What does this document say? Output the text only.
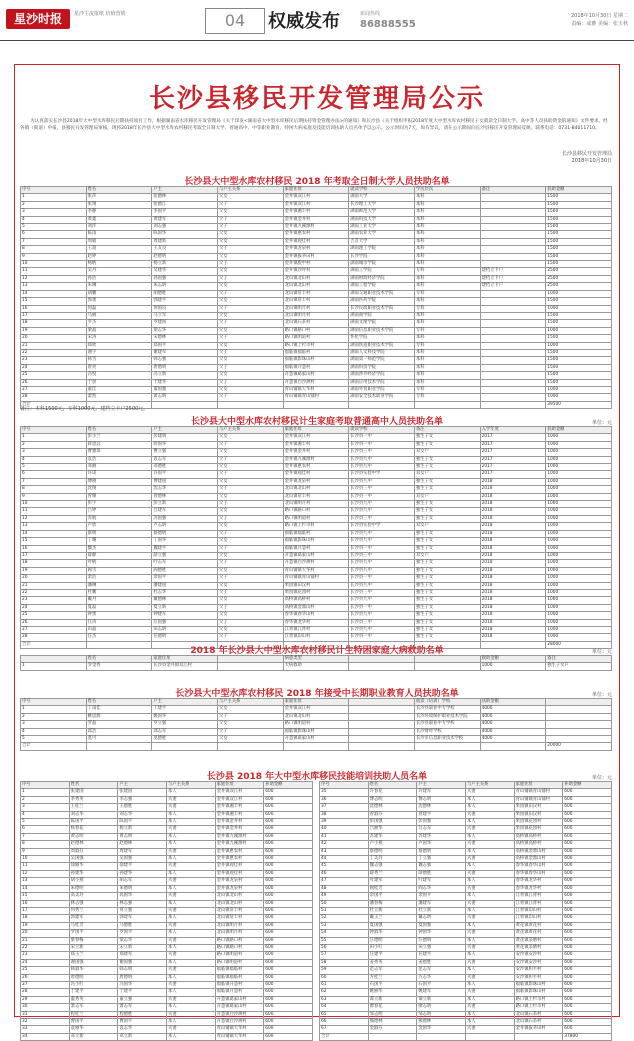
星沙时报	星沙主流报纸 价值营销	04	权威发布	新闻热线
86888555
2018年10月30日 星期二
责编：成雅 美编：张玉秋
长沙县移民开发管理局公示
为认真落实长沙县2018年大中型水库移民后期扶持项目工作，根据湖南省水库移民开发管理局《关于印发<湖南省大中型水库移民后期扶持资金管理办法>的通知》和长沙县《关于组织申报2018年度大中型水库农村移民子女就读全日制大学、高中等人员扶助资金的通知》文件要求，经各镇（街道）申报、县移民开发管理局审核，现将2018年长沙县大中型水库农村移民考取全日制大学、普通高中、中等职业教育、特困大病家庭及技能培训扶助人员名单予以公示。公示时间为7天，如有异议，请在公示期间向长沙县移民开发管理局反映。联系电话：0731-84011710。
长沙县移民开发管理局
2018年10月30日
长沙县大中型水库农村移民 2018 年考取全日制大学人员扶助名单
序号	姓名	户主	与户主关系	家庭住址	就读学校	学历层次	备注	扶助金额
1	张萍	张德林	父女	金井镇双江村	湖南大学	本科		1500
2	张翔	张德江	父子	金井镇双江村	长沙理工大学	本科		1500
3	李静	李国平	父女	金井镇湘丰村	湖南师范大学	本科		1500
4	黄鑫	黄建军	父子	金井镇金井村	湖南科技大学	本科		1500
5	刘洋	刘志强	父子	金井镇九溪源村	湖南工业大学	本科		1500
6	陈雨	陈国华	父女	金井镇惠农村	湖南农业大学	本科		1500
7	周敏	周建新	父女	金井镇观佳村	吉首大学	本科		1500
8	王超	王友良	父子	金井镇龙泉村	湖南理工学院	本科		1500
9	赵婷	赵德明	父女	金井镇拔茅田村	长沙学院	本科		1500
10	杨帆	杨立新	父子	金井镇脱甲村	湖南城市学院	本科		1500
11	吴丹	吴建华	父女	金井镇沙坪村	湖南工学院	专科	建档立卡户	2500
12	孙浩	孙国强	父子	北山镇北山村	湖南财政经济学院	本科	建档立卡户	2500
13	朱琳	朱志明	父女	北山镇北山村	湖南工程学院	本科	建档立卡户	2500
14	胡鹏	胡德胜	父子	北山镇常丰村	湖南交通职业技术学院	专科		1000
15	郭蕾	郭建平	父女	北山镇常丰村	湖南医药学院	本科		1500
16	何磊	何国良	父子	北山镇明月村	长沙民政职业技术学院	专科		1000
17	马丽	马立军	父女	北山镇明月村	湖南商学院	本科		1500
18	罗杰	罗建国	父子	北山镇石茶村	湖南文理学院	本科		1500
19	梁晶	梁志华	父女	路口镇路口村	湖南信息职业技术学院	专科		1000
20	宋涛	宋德林	父子	路口镇明道村	怀化学院	本科		1500
21	郑欣	郑国平	父女	路口镇上杉市村	湖南铁道职业技术学院	专科		1000
22	谢宇	谢建军	父子	福临镇福临村	湖南人文科技学院	本科		1500
23	韩雪	韩志强	父女	福临镇影珠山村	湖南第一师范学院	本科		1500
24	唐亮	唐德明	父子	福临镇开慧村	湖南科技学院	本科		1500
25	冯悦	冯立新	父女	开慧镇葛家山村	湖南涉外经济学院	本科		1500
26	于晨	于建华	父子	开慧镇白沙洲村	湖南应用技术学院	本科		1500
27	董佳	董国强	父女	青山铺镇天华村	湖南外贸职业学院	专科		1000
28	萧凯	萧志明	父子	青山铺镇青山铺村	湖南安全技术职业学院	专科		1000
合计								39500
备注：本科1500元，专科1000元，建档立卡户2500元。
长沙县大中型水库农村移民计生家庭考取普通高中人员扶助名单	单位：元
序号	姓名	户主	与户主关系	家庭住址	就读学校	备注	入学年度	扶助金额
1	彭小兰	彭建明	父女	金井镇双江村	长沙县一中	独生子女	2017	1000
2	蒋思远	蒋国华	父子	金井镇湘丰村	长沙县一中	独生子女	2017	1000
3	曹雅琪	曹立强	父女	金井镇金井村	长沙县三中	双女户	2017	1000
4	袁浩	袁志军	父子	金井镇九溪源村	长沙县九中	独生子女	2017	1000
5	邓丽	邓德胜	父女	金井镇惠农村	长沙县九中	独生子女	2017	1000
6	许诺	许国平	父子	金井镇观佳村	长沙县实验中学	双女户	2017	1000
7	傅晓	傅建国	父女	金井镇龙泉村	长沙县九中	独生子女	2018	1000
8	沈俊	沈志华	父子	北山镇北山村	长沙县三中	独生子女	2018	1000
9	曾珊	曾德林	父女	北山镇常丰村	长沙县一中	双女户	2018	1000
10	彭宇	彭立新	父子	北山镇明月村	长沙县九中	独生子女	2018	1000
11	吕婷	吕建军	父女	路口镇路口村	长沙县九中	独生子女	2018	1000
12	苏航	苏国强	父子	路口镇明道村	长沙县三中	独生子女	2018	1000
13	卢欣	卢志明	父女	路口镇上杉市村	长沙县实验中学	双女户	2018	1000
14	蔡明	蔡德明	父子	福临镇福临村	长沙县九中	独生子女	2018	1000
15	丁璐	丁国华	父女	福临镇影珠山村	长沙县九中	独生子女	2018	1000
16	魏杰	魏建平	父子	福临镇开慧村	长沙县一中	独生子女	2018	1000
17	薛静	薛立强	父女	开慧镇葛家山村	长沙县三中	双女户	2018	1000
18	叶帆	叶志军	父子	开慧镇白沙洲村	长沙县九中	独生子女	2018	1000
19	阎雪	阎德胜	父女	青山铺镇天华村	长沙县九中	独生子女	2018	1000
20	余浩	余国平	父子	青山铺镇青山铺村	长沙县一中	独生子女	2018	1000
21	潘琳	潘建国	父女	果园镇田汉村	长沙县九中	独生子女	2018	1000
22	杜鹏	杜志华	父子	果园镇花园村	长沙县三中	独生子女	2018	1000
23	戴丹	戴德林	父女	高桥镇高桥村	长沙县九中	独生子女	2018	1000
24	夏磊	夏立新	父子	高桥镇金鼎山村	长沙县一中	独生子女	2018	1000
25	钟蕾	钟建军	父女	春华镇春华山村	长沙县九中	独生子女	2018	1000
26	汪涛	汪国强	父子	春华镇龙华村	长沙县三中	独生子女	2018	1000
27	田晶	田志明	父女	江背镇江背村	长沙县九中	独生子女	2018	1000
28	任杰	任德明	父子	江背镇印山村	长沙县一中	独生子女	2018	1000
合计								28000
2018 年长沙县大中型水库农村移民计生特困家庭大病救助名单	单位：元
	姓名	家庭住址		病患类型			救助金额	备注
1	罗金秀	长沙县金井镇双江村		大病救助			1000	独生子女户
长沙县大中型水库农村移民 2018 年接受中长期职业教育人员扶助名单	单位：元
序号	姓名	户主	与户主关系	家庭住址		就读（培训）学校	扶助金额	
1	丁雨佳	丁建平	父女	金井镇双江村		长沙县职业中专学校	4000	
2	姚思源	姚国华	父子	北山镇北山村		长沙环境保护职业技术学院	4000	
3	罗晶	罗立强	父女	路口镇明道村		长沙县职业中专学校	4000	
4	邱浩	邱志军	父子	福临镇影珠山村		长沙财经学校	4000	
5	莫可	莫德胜	父女	开慧镇葛家山村		长沙市信息职业技术学校	4000	
合计								20000
长沙县 2018 年大中型水库移民技能培训扶助人员名单	单位：元
序号	姓名	户主	与户主关系	家庭住址	补助金额
1	张建国	张建国	本人	金井镇双江村	600
2	李秀英	李志强	夫妻	金井镇双江村	600
3	王桂兰	王德胜	夫妻	金井镇湘丰村	600
4	刘志华	刘志华	本人	金井镇湘丰村	600
5	陈国平	陈国平	本人	金井镇金井村	600
6	杨春花	杨立新	夫妻	金井镇金井村	600
7	黄志明	黄志明	本人	金井镇九溪源村	600
8	赵德林	赵德林	本人	金井镇九溪源村	600
9	周淑芬	周建军	夫妻	金井镇惠农村	600
10	吴国强	吴国强	本人	金井镇惠农村	600
11	徐丽华	徐建平	夫妻	金井镇观佳村	600
12	孙建华	孙建华	本人	金井镇观佳村	600
13	胡小燕	胡志军	夫妻	金井镇龙泉村	600
14	朱德明	朱德明	本人	金井镇龙泉村	600
15	高美玲	高国华	夫妻	北山镇北山村	600
16	林志强	林志强	本人	北山镇北山村	600
17	何秀兰	何立强	夫妻	北山镇常丰村	600
18	郭建军	郭建军	本人	北山镇常丰村	600
19	马桂芳	马德胜	夫妻	北山镇明月村	600
20	罗国平	罗国平	本人	北山镇明月村	600
21	梁春梅	梁志华	夫妻	路口镇路口村	600
22	宋立新	宋立新	本人	路口镇路口村	600
23	郑玉兰	郑建军	夫妻	路口镇明道村	600
24	谢国强	谢国强	本人	路口镇明道村	600
25	韩淑华	韩志明	夫妻	福临镇福临村	600
26	唐德明	唐德明	本人	福临镇福临村	600
27	冯小红	冯国华	夫妻	福临镇开慧村	600
28	于建平	于建平	本人	福临镇开慧村	600
29	董秀英	董立强	夫妻	开慧镇葛家山村	600
30	萧志军	萧志军	本人	开慧镇葛家山村	600
31	程桂兰	程德胜	夫妻	开慧镇白沙洲村	600
32	曹国平	曹国平	本人	开慧镇白沙洲村	600
33	袁丽华	袁志华	夫妻	青山铺镇天华村	600
34	邓立新	邓立新	本人	青山铺镇天华村	600
序号	姓名	户主	与户主关系	家庭住址	补助金额
35	许春花	许建军	夫妻	青山铺镇青山铺村	600
36	傅志明	傅志明	本人	青山铺镇青山铺村	600
37	沈德林	沈德林	本人	果园镇田汉村	600
38	曾淑芬	曾建平	夫妻	果园镇田汉村	600
39	彭国强	彭国强	本人	果园镇花园村	600
40	吕丽华	吕志军	夫妻	果园镇花园村	600
41	苏建华	苏建华	本人	高桥镇高桥村	600
42	卢小燕	卢国华	夫妻	高桥镇高桥村	600
43	蔡德明	蔡德明	本人	高桥镇金鼎山村	600
44	丁美玲	丁立强	夫妻	高桥镇金鼎山村	600
45	魏志强	魏志强	本人	春华镇春华山村	600
46	薛秀兰	薛德胜	夫妻	春华镇春华山村	600
47	叶建军	叶建军	本人	春华镇龙华村	600
48	阎桂芳	阎志华	夫妻	春华镇龙华村	600
49	余国平	余国平	本人	江背镇江背村	600
50	潘春梅	潘建军	夫妻	江背镇江背村	600
51	杜立新	杜立新	本人	江背镇印山村	600
52	戴玉兰	戴志明	夫妻	江背镇印山村	600
53	夏国强	夏国强	本人	黄花镇黄花村	600
54	钟淑华	钟国华	夫妻	黄花镇黄花村	600
55	汪德明	汪德明	本人	黄花镇茶塘村	600
56	田小红	田立强	夫妻	黄花镇茶塘村	600
57	任建平	任建平	本人	安沙镇安沙村	600
58	姜秀英	姜德胜	夫妻	安沙镇安沙村	600
59	范志军	范志军	本人	安沙镇和平村	600
60	方桂兰	方志华	夫妻	安沙镇和平村	600
61	石国平	石国平	本人	福临镇影珠山村	600
62	姚丽华	姚建军	夫妻	福临镇影珠山村	600
63	谭立新	谭立新	本人	路口镇上杉市村	600
64	廖春花	廖志明	夫妻	路口镇上杉市村	600
65	邹志明	邹志明	本人	北山镇石茶村	600
66	熊德林	熊德林	本人	北山镇石茶村	600
67	金淑芬	金国华	夫妻	金井镇拔茅田村	600
合计					37800
